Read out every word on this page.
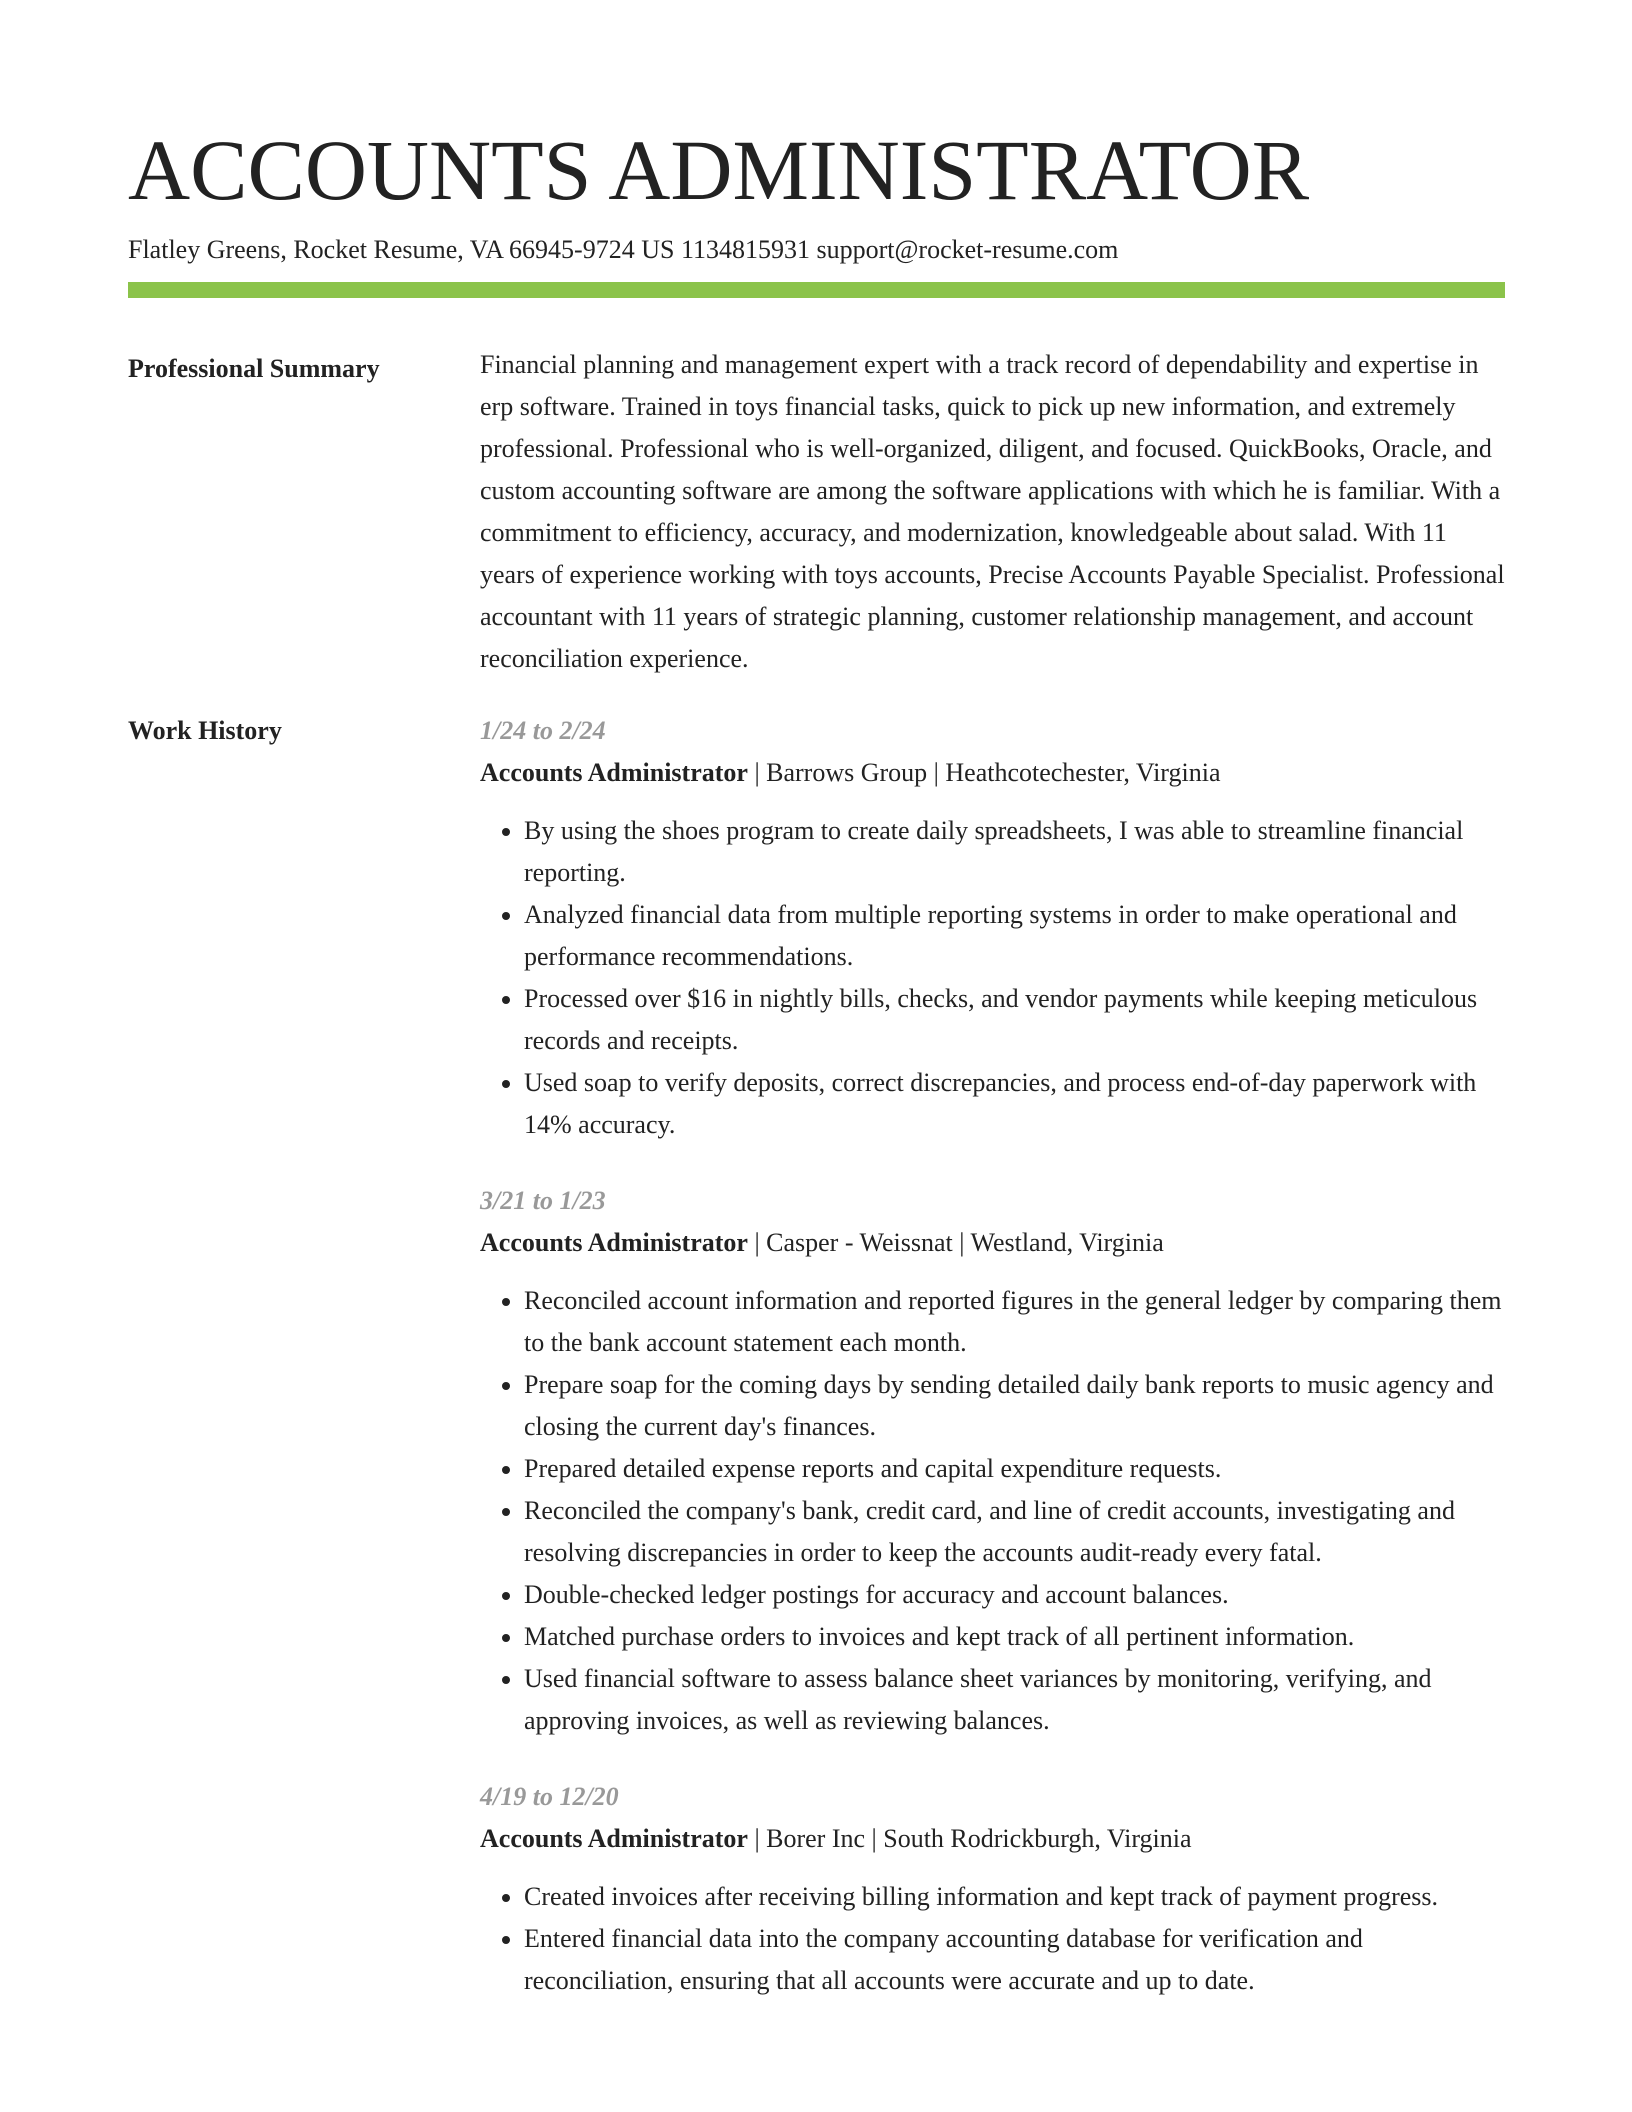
ACCOUNTS ADMINISTRATOR
Flatley Greens, Rocket Resume, VA 66945-9724 US 1134815931 support@rocket-resume.com
Professional Summary	Financial planning and management expert with a track record of dependability and expertise in erp software. Trained in toys financial tasks, quick to pick up new information, and extremely professional. Professional who is well-organized, diligent, and focused. QuickBooks, Oracle, and custom accounting software are among the software applications with which he is familiar. With a commitment to efficiency, accuracy, and modernization, knowledgeable about salad. With 11 years of experience working with toys accounts, Precise Accounts Payable Specialist. Professional accountant with 11 years of strategic planning, customer relationship management, and account reconciliation experience.

Work History	1/24 to 2/24
Accounts Administrator | Barrows Group | Heathcotechester, Virginia
• By using the shoes program to create daily spreadsheets, I was able to streamline financial reporting.
• Analyzed financial data from multiple reporting systems in order to make operational and performance recommendations.
• Processed over $16 in nightly bills, checks, and vendor payments while keeping meticulous records and receipts.
• Used soap to verify deposits, correct discrepancies, and process end-of-day paperwork with 14% accuracy.
3/21 to 1/23
Accounts Administrator | Casper - Weissnat | Westland, Virginia
• Reconciled account information and reported figures in the general ledger by comparing them to the bank account statement each month.
• Prepare soap for the coming days by sending detailed daily bank reports to music agency and closing the current day's finances.
• Prepared detailed expense reports and capital expenditure requests.
• Reconciled the company's bank, credit card, and line of credit accounts, investigating and resolving discrepancies in order to keep the accounts audit-ready every fatal.
• Double-checked ledger postings for accuracy and account balances.
• Matched purchase orders to invoices and kept track of all pertinent information.
• Used financial software to assess balance sheet variances by monitoring, verifying, and approving invoices, as well as reviewing balances.
4/19 to 12/20
Accounts Administrator | Borer Inc | South Rodrickburgh, Virginia
• Created invoices after receiving billing information and kept track of payment progress.
• Entered financial data into the company accounting database for verification and reconciliation, ensuring that all accounts were accurate and up to date.
